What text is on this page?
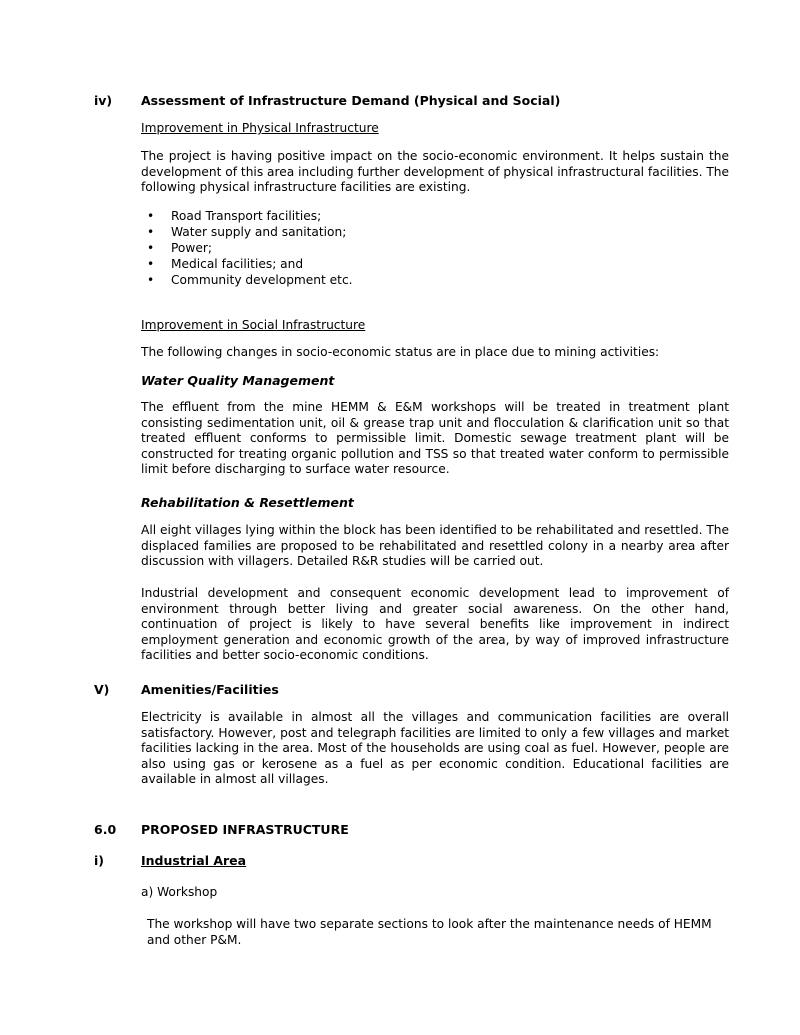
iv) Assessment of Infrastructure Demand (Physical and Social)
Improvement in Physical Infrastructure
The project is having positive impact on the socio-economic environment. It helps sustain the development of this area including further development of physical infrastructural facilities. The following physical infrastructure facilities are existing.
• Road Transport facilities;
• Water supply and sanitation;
• Power;
• Medical facilities; and
• Community development etc.
Improvement in Social Infrastructure
The following changes in socio-economic status are in place due to mining activities:
Water Quality Management
The effluent from the mine HEMM & E&M workshops will be treated in treatment plant consisting sedimentation unit, oil & grease trap unit and flocculation & clarification unit so that treated effluent conforms to permissible limit. Domestic sewage treatment plant will be constructed for treating organic pollution and TSS so that treated water conform to permissible limit before discharging to surface water resource.
Rehabilitation & Resettlement
All eight villages lying within the block has been identified to be rehabilitated and resettled. The displaced families are proposed to be rehabilitated and resettled colony in a nearby area after discussion with villagers. Detailed R&R studies will be carried out.
Industrial development and consequent economic development lead to improvement of environment through better living and greater social awareness. On the other hand, continuation of project is likely to have several benefits like improvement in indirect employment generation and economic growth of the area, by way of improved infrastructure facilities and better socio-economic conditions.
V)	Amenities/Facilities
Electricity is available in almost all the villages and communication facilities are overall satisfactory. However, post and telegraph facilities are limited to only a few villages and market facilities lacking in the area. Most of the households are using coal as fuel. However, people are also using gas or kerosene as a fuel as per economic condition. Educational facilities are available in almost all villages.
6.0 PROPOSED INFRASTRUCTURE
i)	Industrial Area
a) Workshop
The workshop will have two separate sections to look after the maintenance needs of HEMM and other P&M.
